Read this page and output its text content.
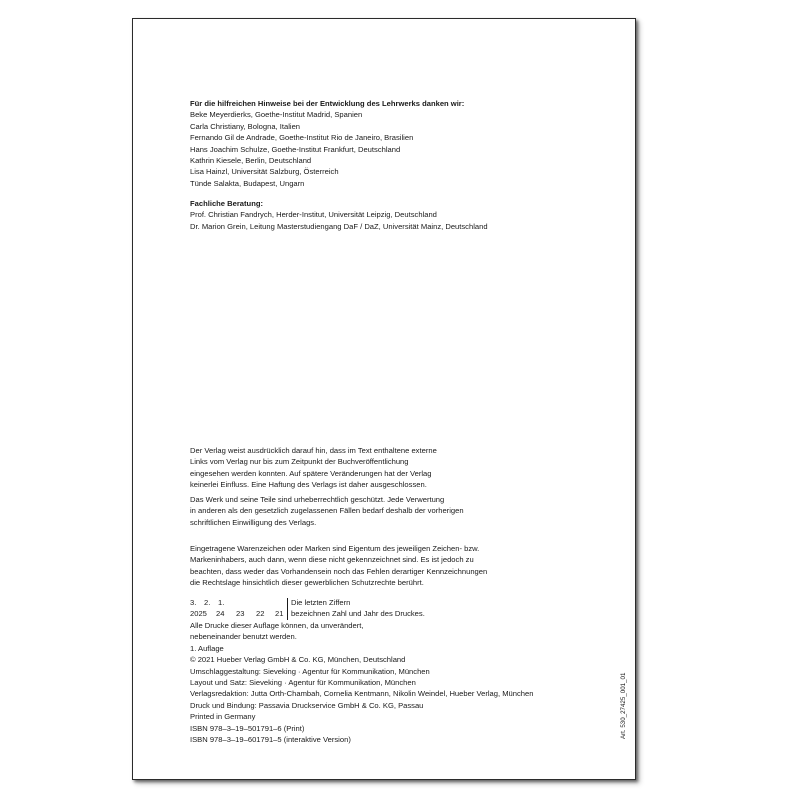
Für die hilfreichen Hinweise bei der Entwicklung des Lehrwerks danken wir:
Beke Meyerdierks, Goethe-Institut Madrid, Spanien
Carla Christiany, Bologna, Italien
Fernando Gil de Andrade, Goethe-Institut Rio de Janeiro, Brasilien
Hans Joachim Schulze, Goethe-Institut Frankfurt, Deutschland
Kathrin Kiesele, Berlin, Deutschland
Lisa Hainzl, Universität Salzburg, Österreich
Tünde Salakta, Budapest, Ungarn
Fachliche Beratung:
Prof. Christian Fandrych, Herder-Institut, Universität Leipzig, Deutschland
Dr. Marion Grein, Leitung Masterstudiengang DaF / DaZ, Universität Mainz, Deutschland
Der Verlag weist ausdrücklich darauf hin, dass im Text enthaltene externe
Links vom Verlag nur bis zum Zeitpunkt der Buchveröffentlichung
eingesehen werden konnten. Auf spätere Veränderungen hat der Verlag
keinerlei Einfluss. Eine Haftung des Verlags ist daher ausgeschlossen.
Das Werk und seine Teile sind urheberrechtlich geschützt. Jede Verwertung
in anderen als den gesetzlich zugelassenen Fällen bedarf deshalb der vorherigen
schriftlichen Einwilligung des Verlags.
Eingetragene Warenzeichen oder Marken sind Eigentum des jeweiligen Zeichen- bzw.
Markeninhabers, auch dann, wenn diese nicht gekennzeichnet sind. Es ist jedoch zu
beachten, dass weder das Vorhandensein noch das Fehlen derartiger Kennzeichnungen
die Rechtslage hinsichtlich dieser gewerblichen Schutzrechte berührt.
3. 2. 1.
2025 24 23 22 21
Die letzten Ziffern
bezeichnen Zahl und Jahr des Druckes.
Alle Drucke dieser Auflage können, da unverändert,
nebeneinander benutzt werden.
1. Auflage
© 2021 Hueber Verlag GmbH & Co. KG, München, Deutschland
Umschlaggestaltung: Sieveking · Agentur für Kommunikation, München
Layout und Satz: Sieveking · Agentur für Kommunikation, München
Verlagsredaktion: Jutta Orth-Chambah, Cornelia Kentmann, Nikolin Weindel, Hueber Verlag, München
Druck und Bindung: Passavia Druckservice GmbH & Co. KG, Passau
Printed in Germany
ISBN 978–3–19–501791–6 (Print)
ISBN 978–3–19–601791–5 (interaktive Version)
Art. 530_27425_001_01
